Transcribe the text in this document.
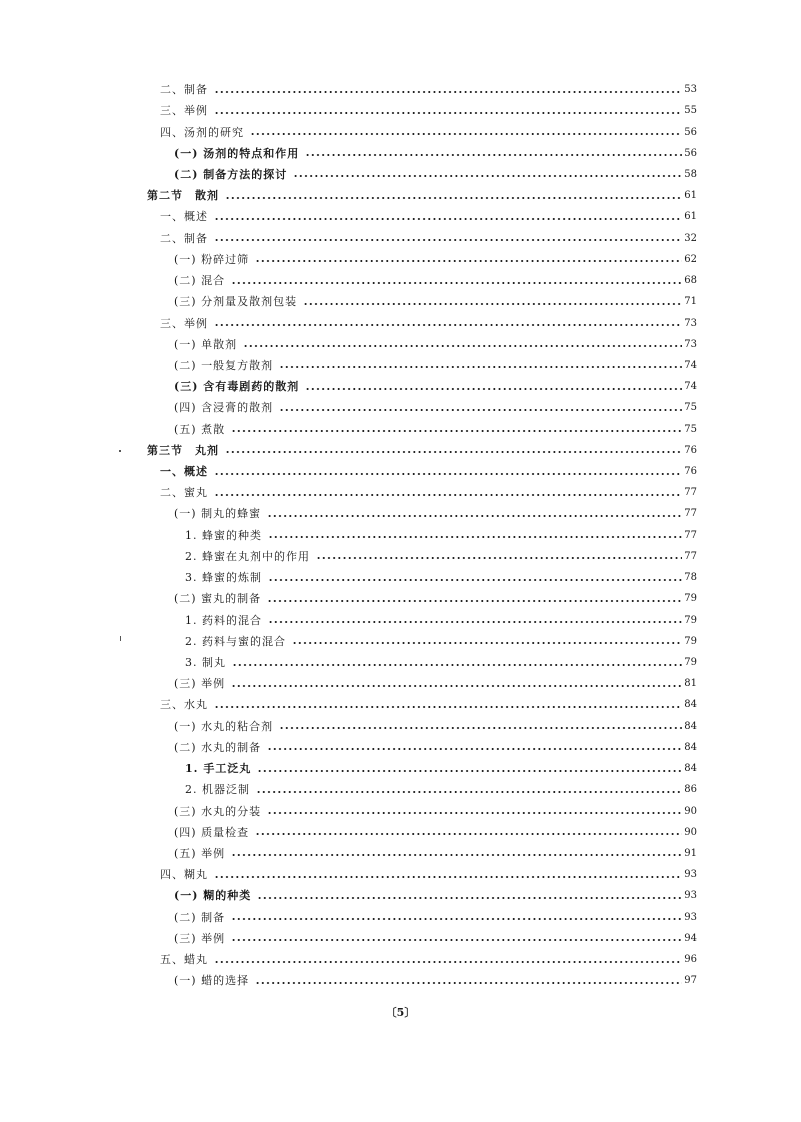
二、制备	53
三、举例	55
四、汤剂的研究	56
(一) 汤剂的特点和作用	56
(二) 制备方法的探讨	58
第二节　散剂	61
一、概述	61
二、制备	32
(一) 粉碎过筛	62
(二) 混合	68
(三) 分剂量及散剂包装	71
三、举例	73
(一) 单散剂	73
(二) 一般复方散剂	74
(三) 含有毒剧药的散剂	74
(四) 含浸膏的散剂	75
(五) 煮散	75
第三节　丸剂	76
一、概述	76
二、蜜丸	77
(一) 制丸的蜂蜜	77
1. 蜂蜜的种类	77
2. 蜂蜜在丸剂中的作用	77
3. 蜂蜜的炼制	78
(二) 蜜丸的制备	79
1. 药料的混合	79
2. 药料与蜜的混合	79
3. 制丸	79
(三) 举例	81
三、水丸	84
(一) 水丸的粘合剂	84
(二) 水丸的制备	84
1. 手工泛丸	84
2. 机器泛制	86
(三) 水丸的分装	90
(四) 质量检查	90
(五) 举例	91
四、糊丸	93
(一) 糊的种类	93
(二) 制备	93
(三) 举例	94
五、蜡丸	96
(一) 蜡的选择	97
〔5〕
